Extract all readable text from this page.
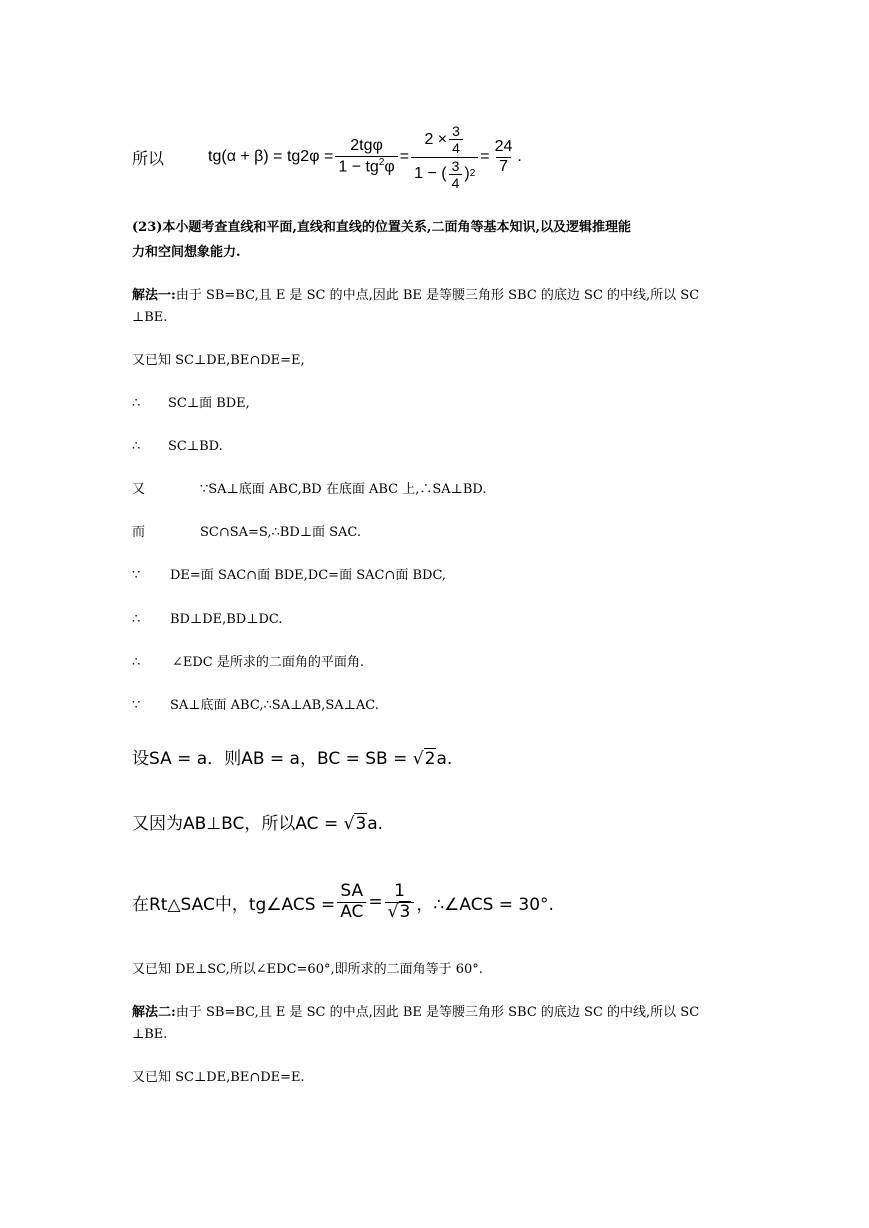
所以	$tg(\alpha + \beta) = tg2\varphi = \frac{\text{2tgφ}}{1 - tg^2\varphi} = \frac{2 \times \frac{3}{4}}{1 - ( \frac{3}{4} ) 2} = \frac{24}{7}$ .
(23)本小题考查直线和平面,直线和直线的位置关系,二面角等基本知识,以及逻辑推理能
力和空间想象能力.
解法一:由于 SB=BC,且 E 是 SC 的中点,因此 BE 是等腰三角形 SBC 的底边 SC 的中线,所以 SC
⊥BE.
又已知 SC⊥DE,BE∩DE=E,
∴ SC⊥面 BDE,
∴ SC⊥BD.
又	∵SA⊥底面 ABC,BD 在底面 ABC 上,∴SA⊥BD.
而	SC∩SA=S,∴BD⊥面 SAC.
∵ DE=面 SAC∩面 BDE,DC=面 SAC∩面 BDC,
∴ BD⊥DE,BD⊥DC.
∴ ∠EDC 是所求的二面角的平面角.
∵ SA⊥底面 ABC,∴SA⊥AB,SA⊥AC.
设SA = a．则AB = a，BC = SB = √2a.
又因为AB⊥BC，所以AC = √3a.
在Rt△SAC中，tg∠ACS = $\frac{SA}{AC} = \frac{1}{√3}$ ，∴∠ACS = 30°.
又已知 DE⊥SC,所以∠EDC=60°,即所求的二面角等于 60°.
解法二:由于 SB=BC,且 E 是 SC 的中点,因此 BE 是等腰三角形 SBC 的底边 SC 的中线,所以 SC
⊥BE.
又已知 SC⊥DE,BE∩DE=E.
